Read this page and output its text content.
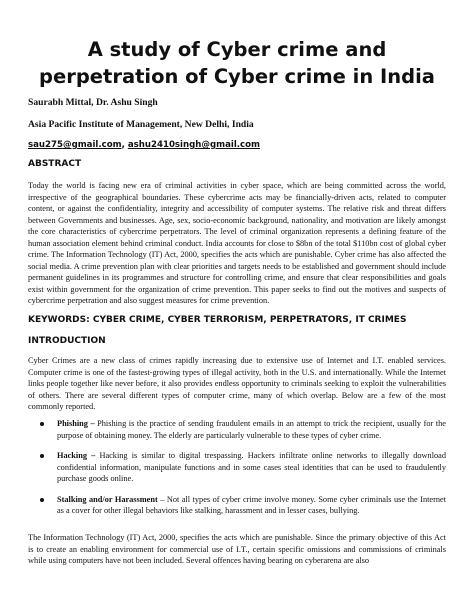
A study of Cyber crime and perpetration of Cyber crime in India
Saurabh Mittal, Dr. Ashu Singh
Asia Pacific Institute of Management, New Delhi, India
sau275@gmail.com, ashu2410singh@gmail.com
ABSTRACT

Today the world is facing new era of criminal activities in cyber space, which are being committed across the world, irrespective of the geographical boundaries. These cybercrime acts may be financially-driven acts, related to computer content, or against the confidentiality, integrity and accessibility of computer systems. The relative risk and threat differs between Governments and businesses. Age, sex, socio-economic background, nationality, and motivation are likely amongst the core characteristics of cybercrime perpetrators. The level of criminal organization represents a defining feature of the human association element behind criminal conduct. India accounts for close to $8bn of the total $110bn cost of global cyber crime. The Information Technology (IT) Act, 2000, specifies the acts which are punishable. Cyber crime has also affected the social media. A crime prevention plan with clear priorities and targets needs to be established and government should include permanent guidelines in its programmes and structure for controlling crime, and ensure that clear responsibilities and goals exist within government for the organization of crime prevention. This paper seeks to find out the motives and suspects of cybercrime perpetration and also suggest measures for crime prevention.

KEYWORDS: CYBER CRIME, CYBER TERRORISM, PERPETRATORS, IT CRIMES
INTRODUCTION

Cyber Crimes are a new class of crimes rapidly increasing due to extensive use of Internet and I.T. enabled services. Computer crime is one of the fastest-growing types of illegal activity, both in the U.S. and internationally. While the Internet links people together like never before, it also provides endless opportunity to criminals seeking to exploit the vulnerabilities of others. There are several different types of computer crime, many of which overlap. Below are a few of the most commonly reported.

Phishing – Phishing is the practice of sending fraudulent emails in an attempt to trick the recipient, usually for the purpose of obtaining money. The elderly are particularly vulnerable to these types of cyber crime.
Hacking – Hacking is similar to digital trespassing. Hackers infiltrate online networks to illegally download confidential information, manipulate functions and in some cases steal identities that can be used to fraudulently purchase goods online.
Stalking and/or Harassment – Not all types of cyber crime involve money. Some cyber criminals use the Internet as a cover for other illegal behaviors like stalking, harassment and in lesser cases, bullying.

The Information Technology (IT) Act, 2000, specifies the acts which are punishable. Since the primary objective of this Act is to create an enabling environment for commercial use of I.T., certain specific omissions and commissions of criminals while using computers have not been included. Several offences having bearing on cyberarena are also
